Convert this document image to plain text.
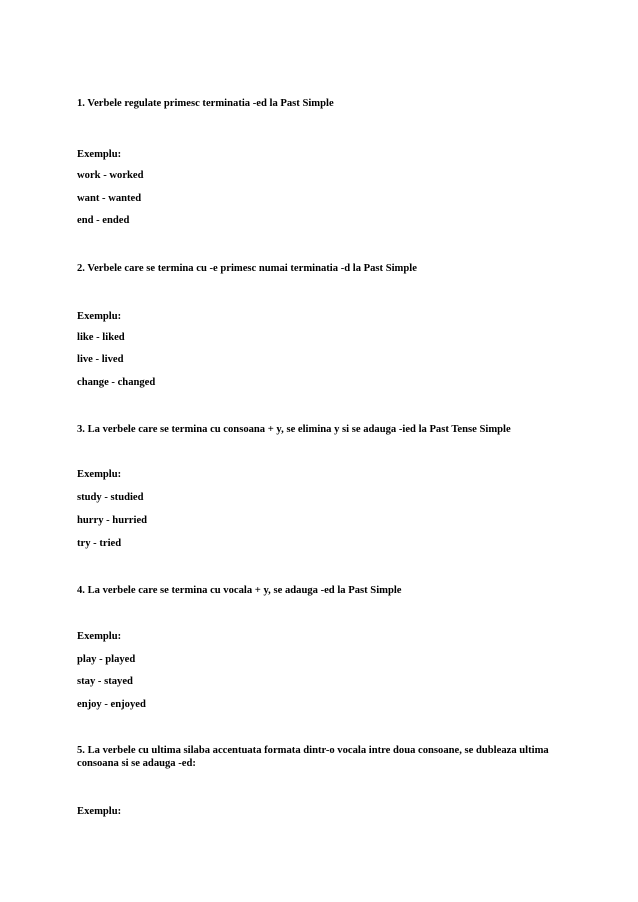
1. Verbele regulate primesc terminatia -ed la Past Simple
Exemplu:
work - worked
want - wanted
end - ended
2. Verbele care se termina cu -e primesc numai terminatia -d la Past Simple
Exemplu:
like - liked
live - lived
change - changed
3. La verbele care se termina cu consoana + y, se elimina y si se adauga -ied la Past Tense Simple
Exemplu:
study - studied
hurry - hurried
try - tried
4. La verbele care se termina cu vocala + y, se adauga -ed la Past Simple
Exemplu:
play - played
stay - stayed
enjoy - enjoyed
5. La verbele cu ultima silaba accentuata formata dintr-o vocala intre doua consoane, se dubleaza ultima consoana si se adauga -ed:
Exemplu:
